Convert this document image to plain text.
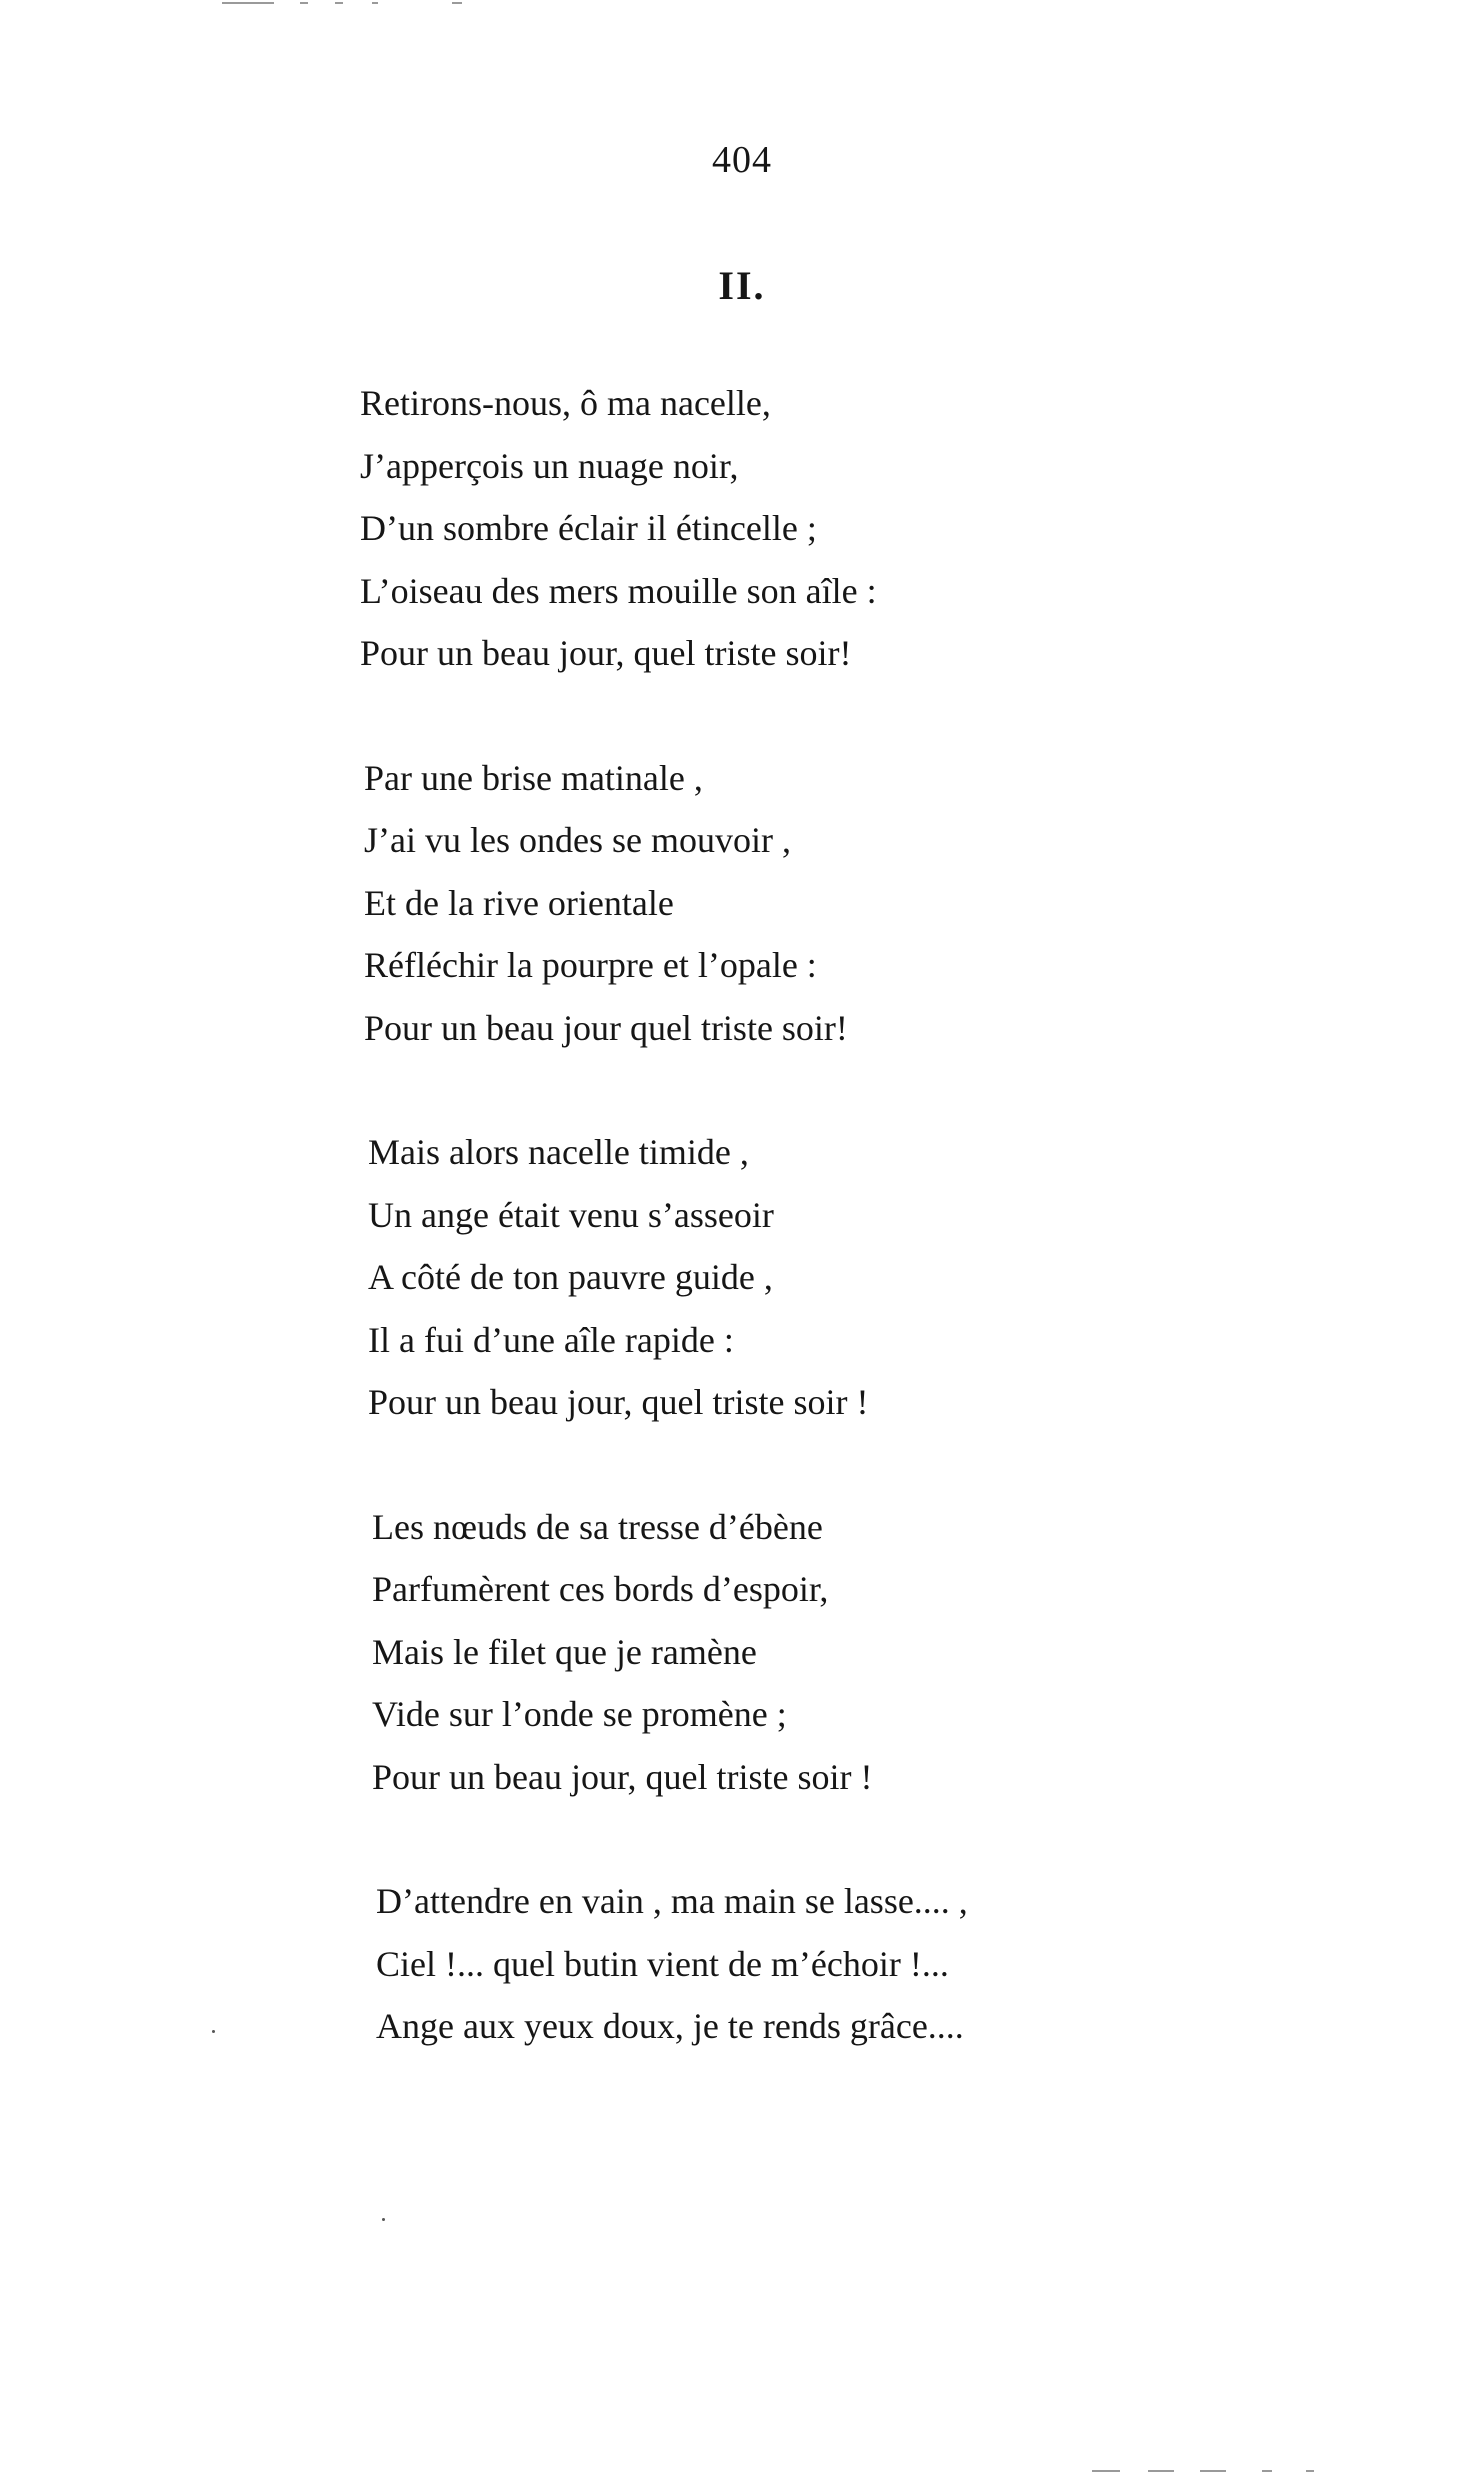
404
II.
Retirons-nous, ô ma nacelle,
J’apperçois un nuage noir,
D’un sombre éclair il étincelle ;
L’oiseau des mers mouille son aîle :
Pour un beau jour, quel triste soir!
Par une brise matinale ,
J’ai vu les ondes se mouvoir ,
Et de la rive orientale
Réfléchir la pourpre et l’opale :
Pour un beau jour quel triste soir!
Mais alors nacelle timide ,
Un ange était venu s’asseoir
A côté de ton pauvre guide ,
Il a fui d’une aîle rapide :
Pour un beau jour, quel triste soir !
Les nœuds de sa tresse d’ébène
Parfumèrent ces bords d’espoir,
Mais le filet que je ramène
Vide sur l’onde se promène ;
Pour un beau jour, quel triste soir !
D’attendre en vain , ma main se lasse.... ,
Ciel !... quel butin vient de m’échoir !...
Ange aux yeux doux, je te rends grâce....
